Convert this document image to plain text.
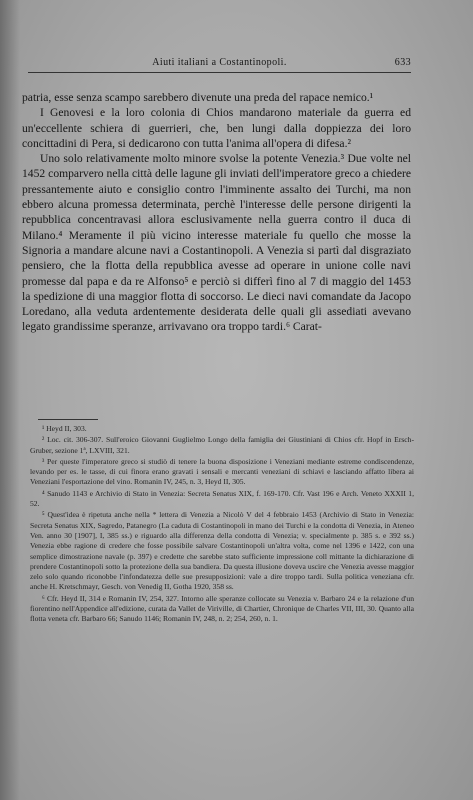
Aiuti italiani a Costantinopoli.	633

patria, esse senza scampo sarebbero divenute una preda del rapace nemico.¹

I Genovesi e la loro colonia di Chios mandarono materiale da guerra ed un'eccellente schiera di guerrieri, che, ben lungi dalla doppiezza dei loro concittadini di Pera, si dedicarono con tutta l'anima all'opera di difesa.²

Uno solo relativamente molto minore svolse la potente Venezia.³ Due volte nel 1452 comparvero nella città delle lagune gli inviati dell'imperatore greco a chiedere pressantemente aiuto e consiglio contro l'imminente assalto dei Turchi, ma non ebbero alcuna promessa determinata, perchè l'interesse delle persone dirigenti la repubblica concentravasi allora esclusivamente nella guerra contro il duca di Milano.⁴ Meramente il più vicino interesse materiale fu quello che mosse la Signoria a mandare alcune navi a Costantinopoli. A Venezia si partì dal disgraziato pensiero, che la flotta della repubblica avesse ad operare in unione colle navi promesse dal papa e da re Alfonso⁵ e perciò si differì fino al 7 di maggio del 1453 la spedizione di una maggior flotta di soccorso. Le dieci navi comandate da Jacopo Loredano, alla veduta ardentemente desiderata delle quali gli assediati avevano legato grandissime speranze, arrivavano ora troppo tardi.⁶ Carat-

¹ Heyd II, 303.

² Loc. cit. 306-307. Sull'eroico Giovanni Guglielmo Longo della famiglia dei Giustiniani di Chios cfr. Hopf in Ersch-Gruber, sezione 1ª, LXVIII, 321.

³ Per queste l'imperatore greco si studiò di tenere la buona disposizione i Veneziani mediante estreme condiscendenze, levando per es. le tasse, di cui finora erano gravati i sensali e mercanti veneziani di schiavi e lasciando affatto libera ai Veneziani l'esportazione del vino. Romanin IV, 245, n. 3, Heyd II, 305.

⁴ Sanudo 1143 e Archivio di Stato in Venezia: Secreta Senatus XIX, f. 169-170. Cfr. Vast 196 e Arch. Veneto XXXII 1, 52.

⁵ Quest'idea è ripetuta anche nella * lettera di Venezia a Nicolò V del 4 febbraio 1453 (Archivio di Stato in Venezia: Secreta Senatus XIX, Sagredo, Patanegro (La caduta di Costantinopoli in mano dei Turchi e la condotta di Venezia, in Ateneo Ven. anno 30 [1907], I, 385 ss.) e riguardo alla differenza della condotta di Venezia; v. specialmente p. 385 s. e 392 ss.) Venezia ebbe ragione di credere che fosse possibile salvare Costantinopoli un'altra volta, come nel 1396 e 1422, con una semplice dimostrazione navale (p. 397) e credette che sarebbe stato sufficiente impressione coll mittante la dichiarazione di prendere Costantinopoli sotto la protezione della sua bandiera. Da questa illusione doveva uscire che Venezia avesse maggior zelo solo quando riconobbe l'infondatezza delle sue presupposizioni: vale a dire troppo tardi. Sulla politica veneziana cfr. anche H. Kretschmayr, Gesch. von Venedig II, Gotha 1920, 358 ss.

⁶ Cfr. Heyd II, 314 e Romanin IV, 254, 327. Intorno alle speranze collocate su Venezia v. Barbaro 24 e la relazione d'un fiorentino nell'Appendice all'edizione, curata da Vallet de Viriville, di Chartier, Chronique de Charles VII, III, 30. Quanto alla flotta veneta cfr. Barbaro 66; Sanudo 1146; Romanin IV, 248, n. 2; 254, 260, n. 1.
